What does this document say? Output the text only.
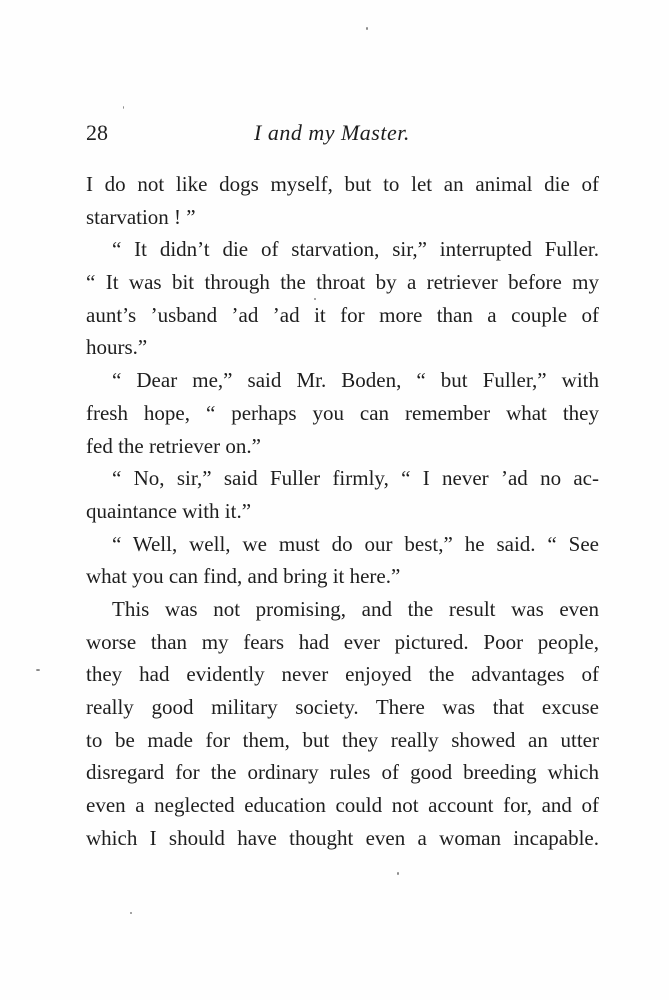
28	I and my Master.
I do not like dogs myself, but to let an animal die of
starvation ! ”
“ It didn’t die of starvation, sir,” interrupted Fuller.
“ It was bit through the throat by a retriever before my
aunt’s ’usband ’ad ’ad it for more than a couple of
hours.”
“ Dear me,” said Mr. Boden, “ but Fuller,” with
fresh hope, “ perhaps you can remember what they
fed the retriever on.”
“ No, sir,” said Fuller firmly, “ I never ’ad no ac-
quaintance with it.”
“ Well, well, we must do our best,” he said. “ See
what you can find, and bring it here.”
This was not promising, and the result was even
worse than my fears had ever pictured. Poor people,
they had evidently never enjoyed the advantages of
really good military society. There was that excuse
to be made for them, but they really showed an utter
disregard for the ordinary rules of good breeding which
even a neglected education could not account for, and of
which I should have thought even a woman incapable.
